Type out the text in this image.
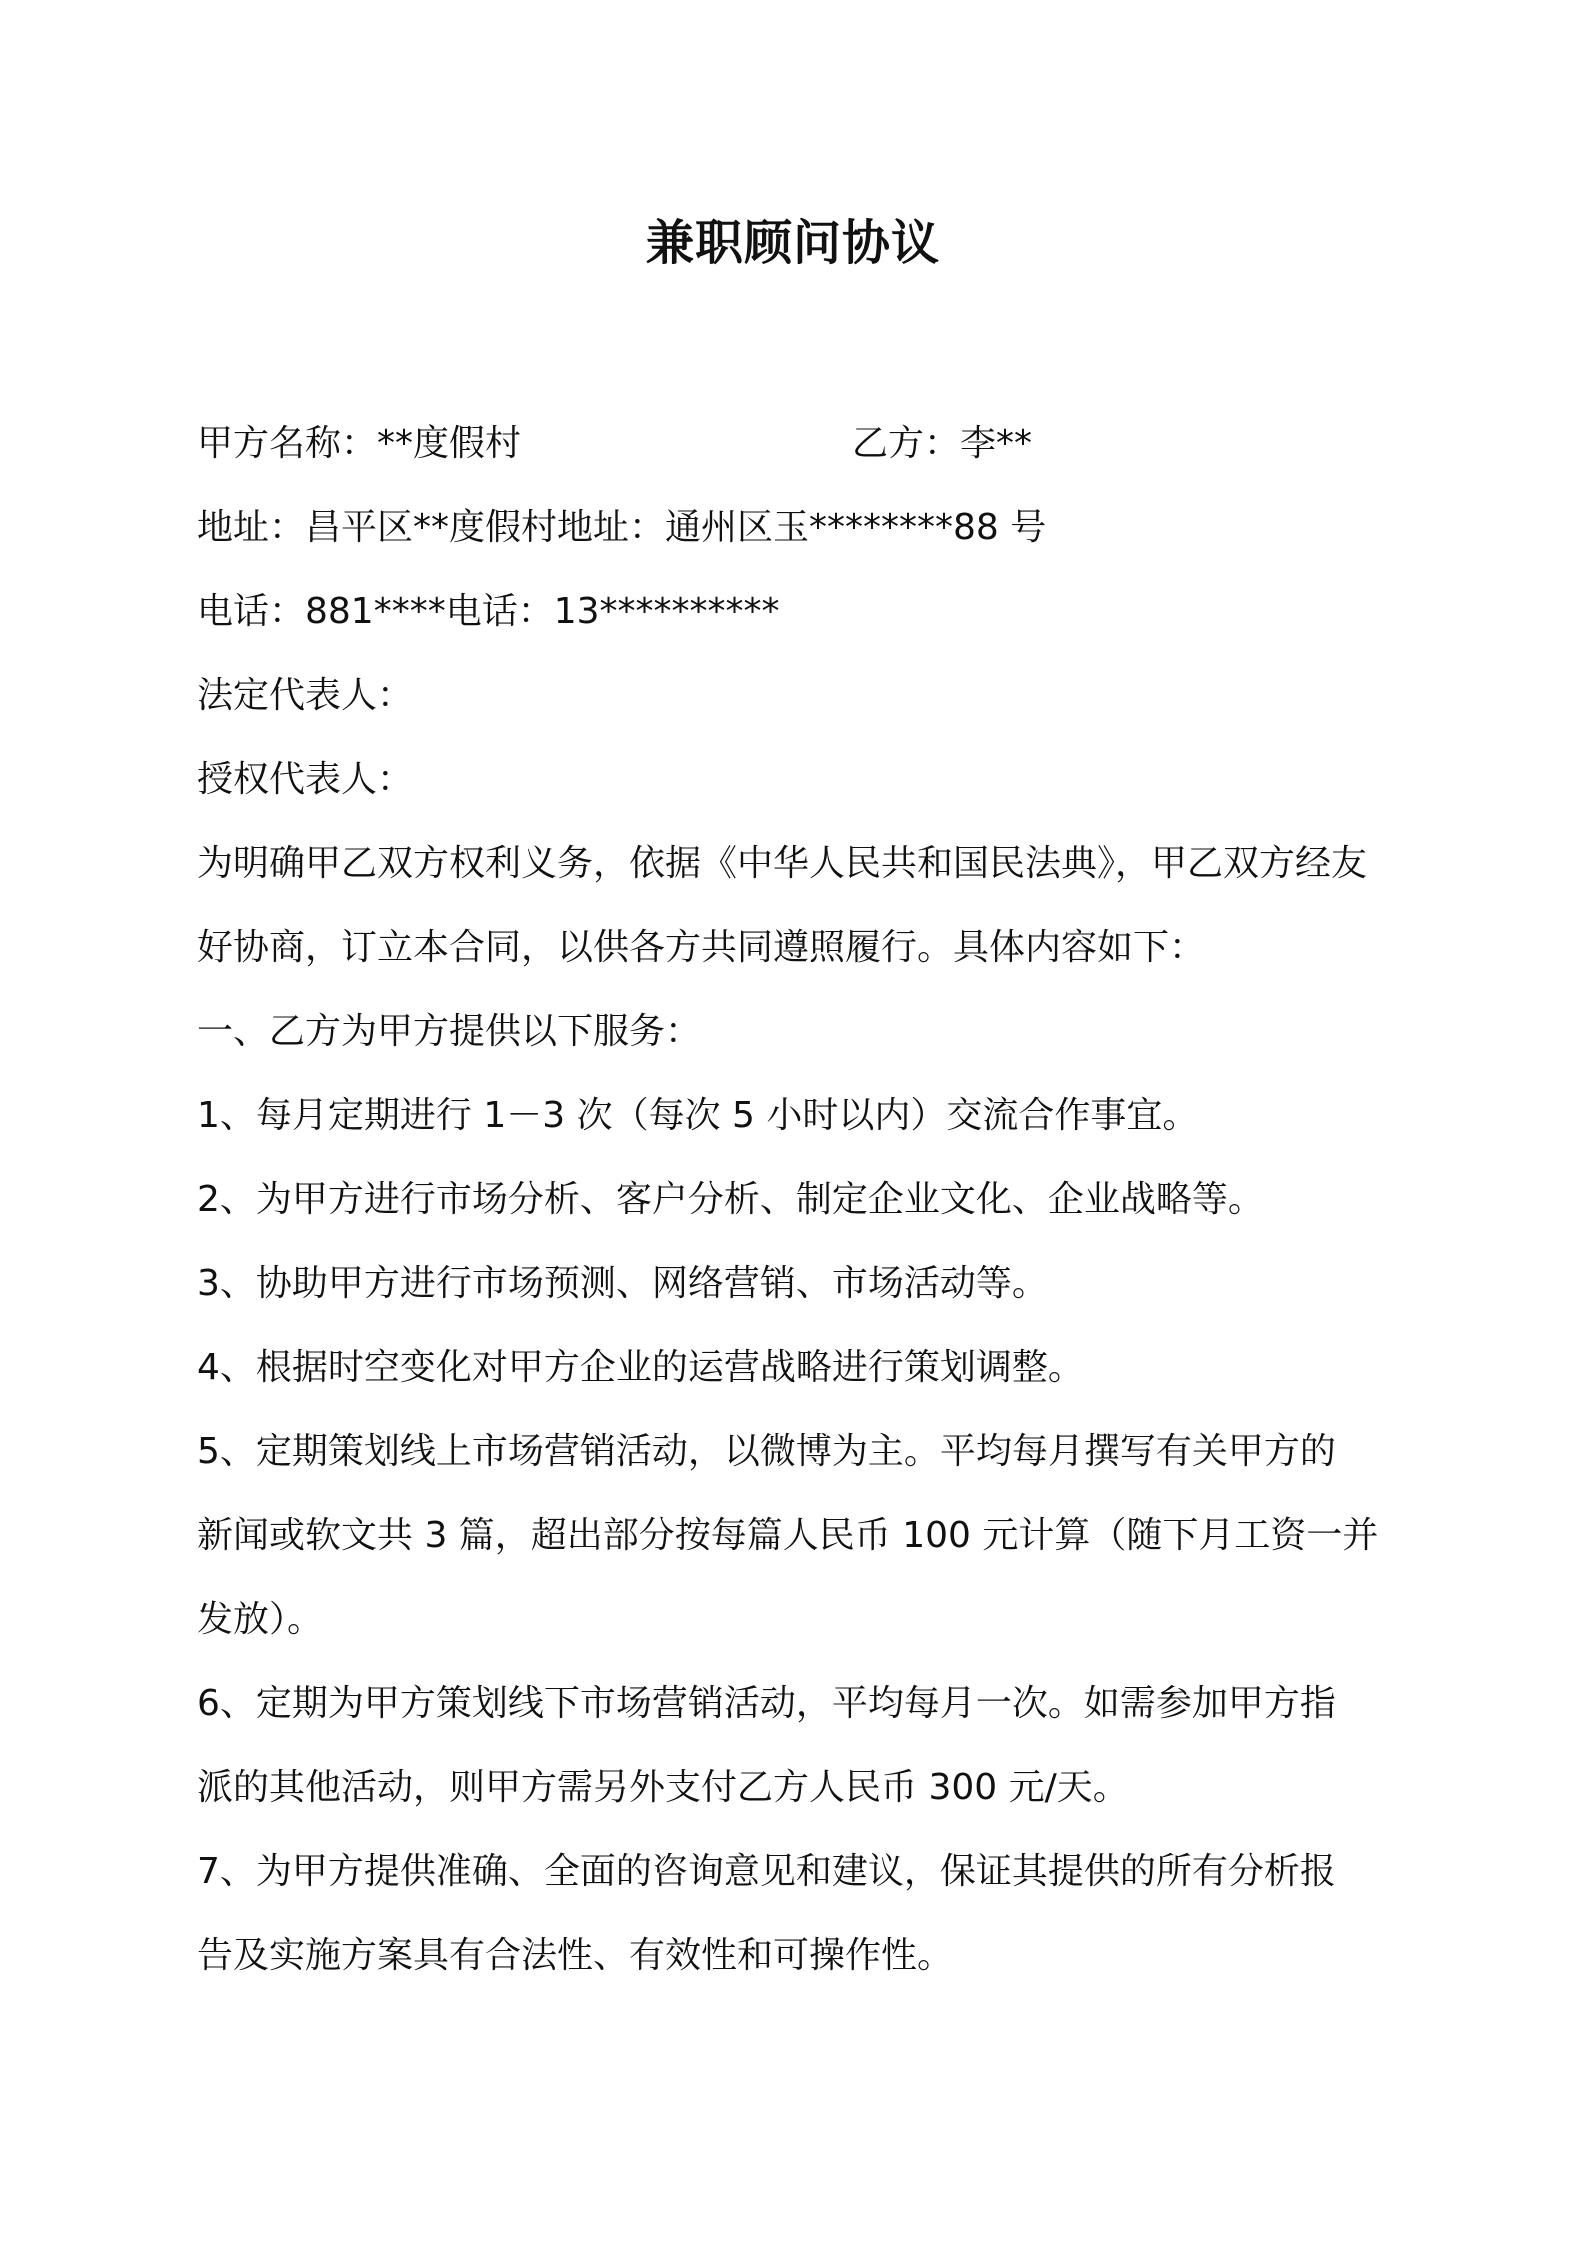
兼职顾问协议
甲方名称：**度假村	乙方：李**
地址：昌平区**度假村地址：通州区玉********88 号
电话：881****电话：13**********
法定代表人：
授权代表人：
为明确甲乙双方权利义务，依据《中华人民共和国民法典》，甲乙双方经友
好协商，订立本合同，以供各方共同遵照履行。具体内容如下：
一、乙方为甲方提供以下服务：
1、每月定期进行 1－3 次（每次 5 小时以内）交流合作事宜。
2、为甲方进行市场分析、客户分析、制定企业文化、企业战略等。
3、协助甲方进行市场预测、网络营销、市场活动等。
4、根据时空变化对甲方企业的运营战略进行策划调整。
5、定期策划线上市场营销活动，以微博为主。平均每月撰写有关甲方的
新闻或软文共 3 篇，超出部分按每篇人民币 100 元计算（随下月工资一并
发放）。
6、定期为甲方策划线下市场营销活动，平均每月一次。如需参加甲方指
派的其他活动，则甲方需另外支付乙方人民币 300 元/天。
7、为甲方提供准确、全面的咨询意见和建议，保证其提供的所有分析报
告及实施方案具有合法性、有效性和可操作性。
